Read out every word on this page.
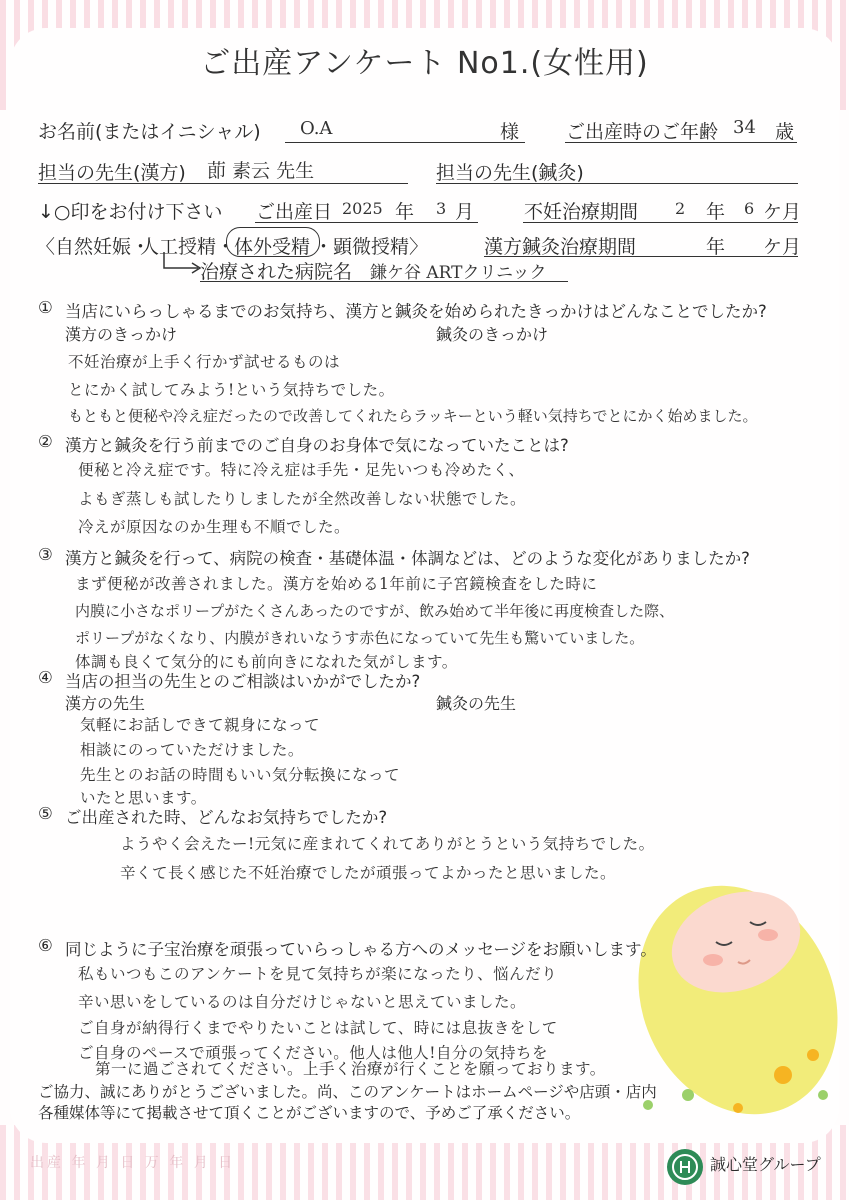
ご出産アンケート No1.(女性用)
お名前(またはイニシャル) O.A	様 ご出産時のご年齢 34 歳
担当の先生(漢方) 莭 素云 先生	担当の先生(鍼灸)
↓○印をお付け下さい ご出産日 2025 年 3 月	不妊治療期間 2 年 6 ケ月
〈自然妊娠・
人工授精・
体外受精 ・顕微授精〉	漢方鍼灸治療期間	年 ケ月
治療された病院名 鎌ケ谷 ARTクリニック
① 当店にいらっしゃるまでのお気持ち、漢方と鍼灸を始められたきっかけはどんなことでしたか?
漢方のきっかけ	鍼灸のきっかけ
不妊治療が上手く行かず試せるものは
とにかく試してみよう!という気持ちでした。
もともと便秘や冷え症だったので改善してくれたらラッキーという軽い気持ちでとにかく始めました。
② 漢方と鍼灸を行う前までのご自身のお身体で気になっていたことは?
便秘と冷え症です。特に冷え症は手先・足先いつも冷めたく、
よもぎ蒸しも試したりしましたが全然改善しない状態でした。
冷えが原因なのか生理も不順でした。
③ 漢方と鍼灸を行って、病院の検査・基礎体温・体調などは、どのような変化がありましたか?
まず便秘が改善されました。漢方を始める1年前に子宮鏡検査をした時に
内膜に小さなポリープがたくさんあったのですが、飲み始めて半年後に再度検査した際、
ポリープがなくなり、内膜がきれいなうす赤色になっていて先生も驚いていました。
体調も良くて気分的にも前向きになれた気がします。
④ 当店の担当の先生とのご相談はいかがでしたか?
漢方の先生	鍼灸の先生
気軽にお話しできて親身になって
相談にのっていただけました。
先生とのお話の時間もいい気分転換になって
いたと思います。
⑤ ご出産された時、どんなお気持ちでしたか?
ようやく会えたー!元気に産まれてくれてありがとうという気持ちでした。
辛くて長く感じた不妊治療でしたが頑張ってよかったと思いました。
⑥ 同じように子宝治療を頑張っていらっしゃる方へのメッセージをお願いします。
私もいつもこのアンケートを見て気持ちが楽になったり、悩んだり
辛い思いをしているのは自分だけじゃないと思えていました。
ご自身が納得行くまでやりたいことは試して、時には息抜きをして
ご自身のペースで頑張ってください。他人は他人!自分の気持ちを
第一に過ごされてください。上手く治療が行くことを願っております。
ご協力、誠にありがとうございました。尚、このアンケートはホームページや店頭・店内
各種媒体等にて掲載させて頂くことがございますので、予めご了承ください。
出産 年 月 日 万 年 月 日	誠心堂グループ
